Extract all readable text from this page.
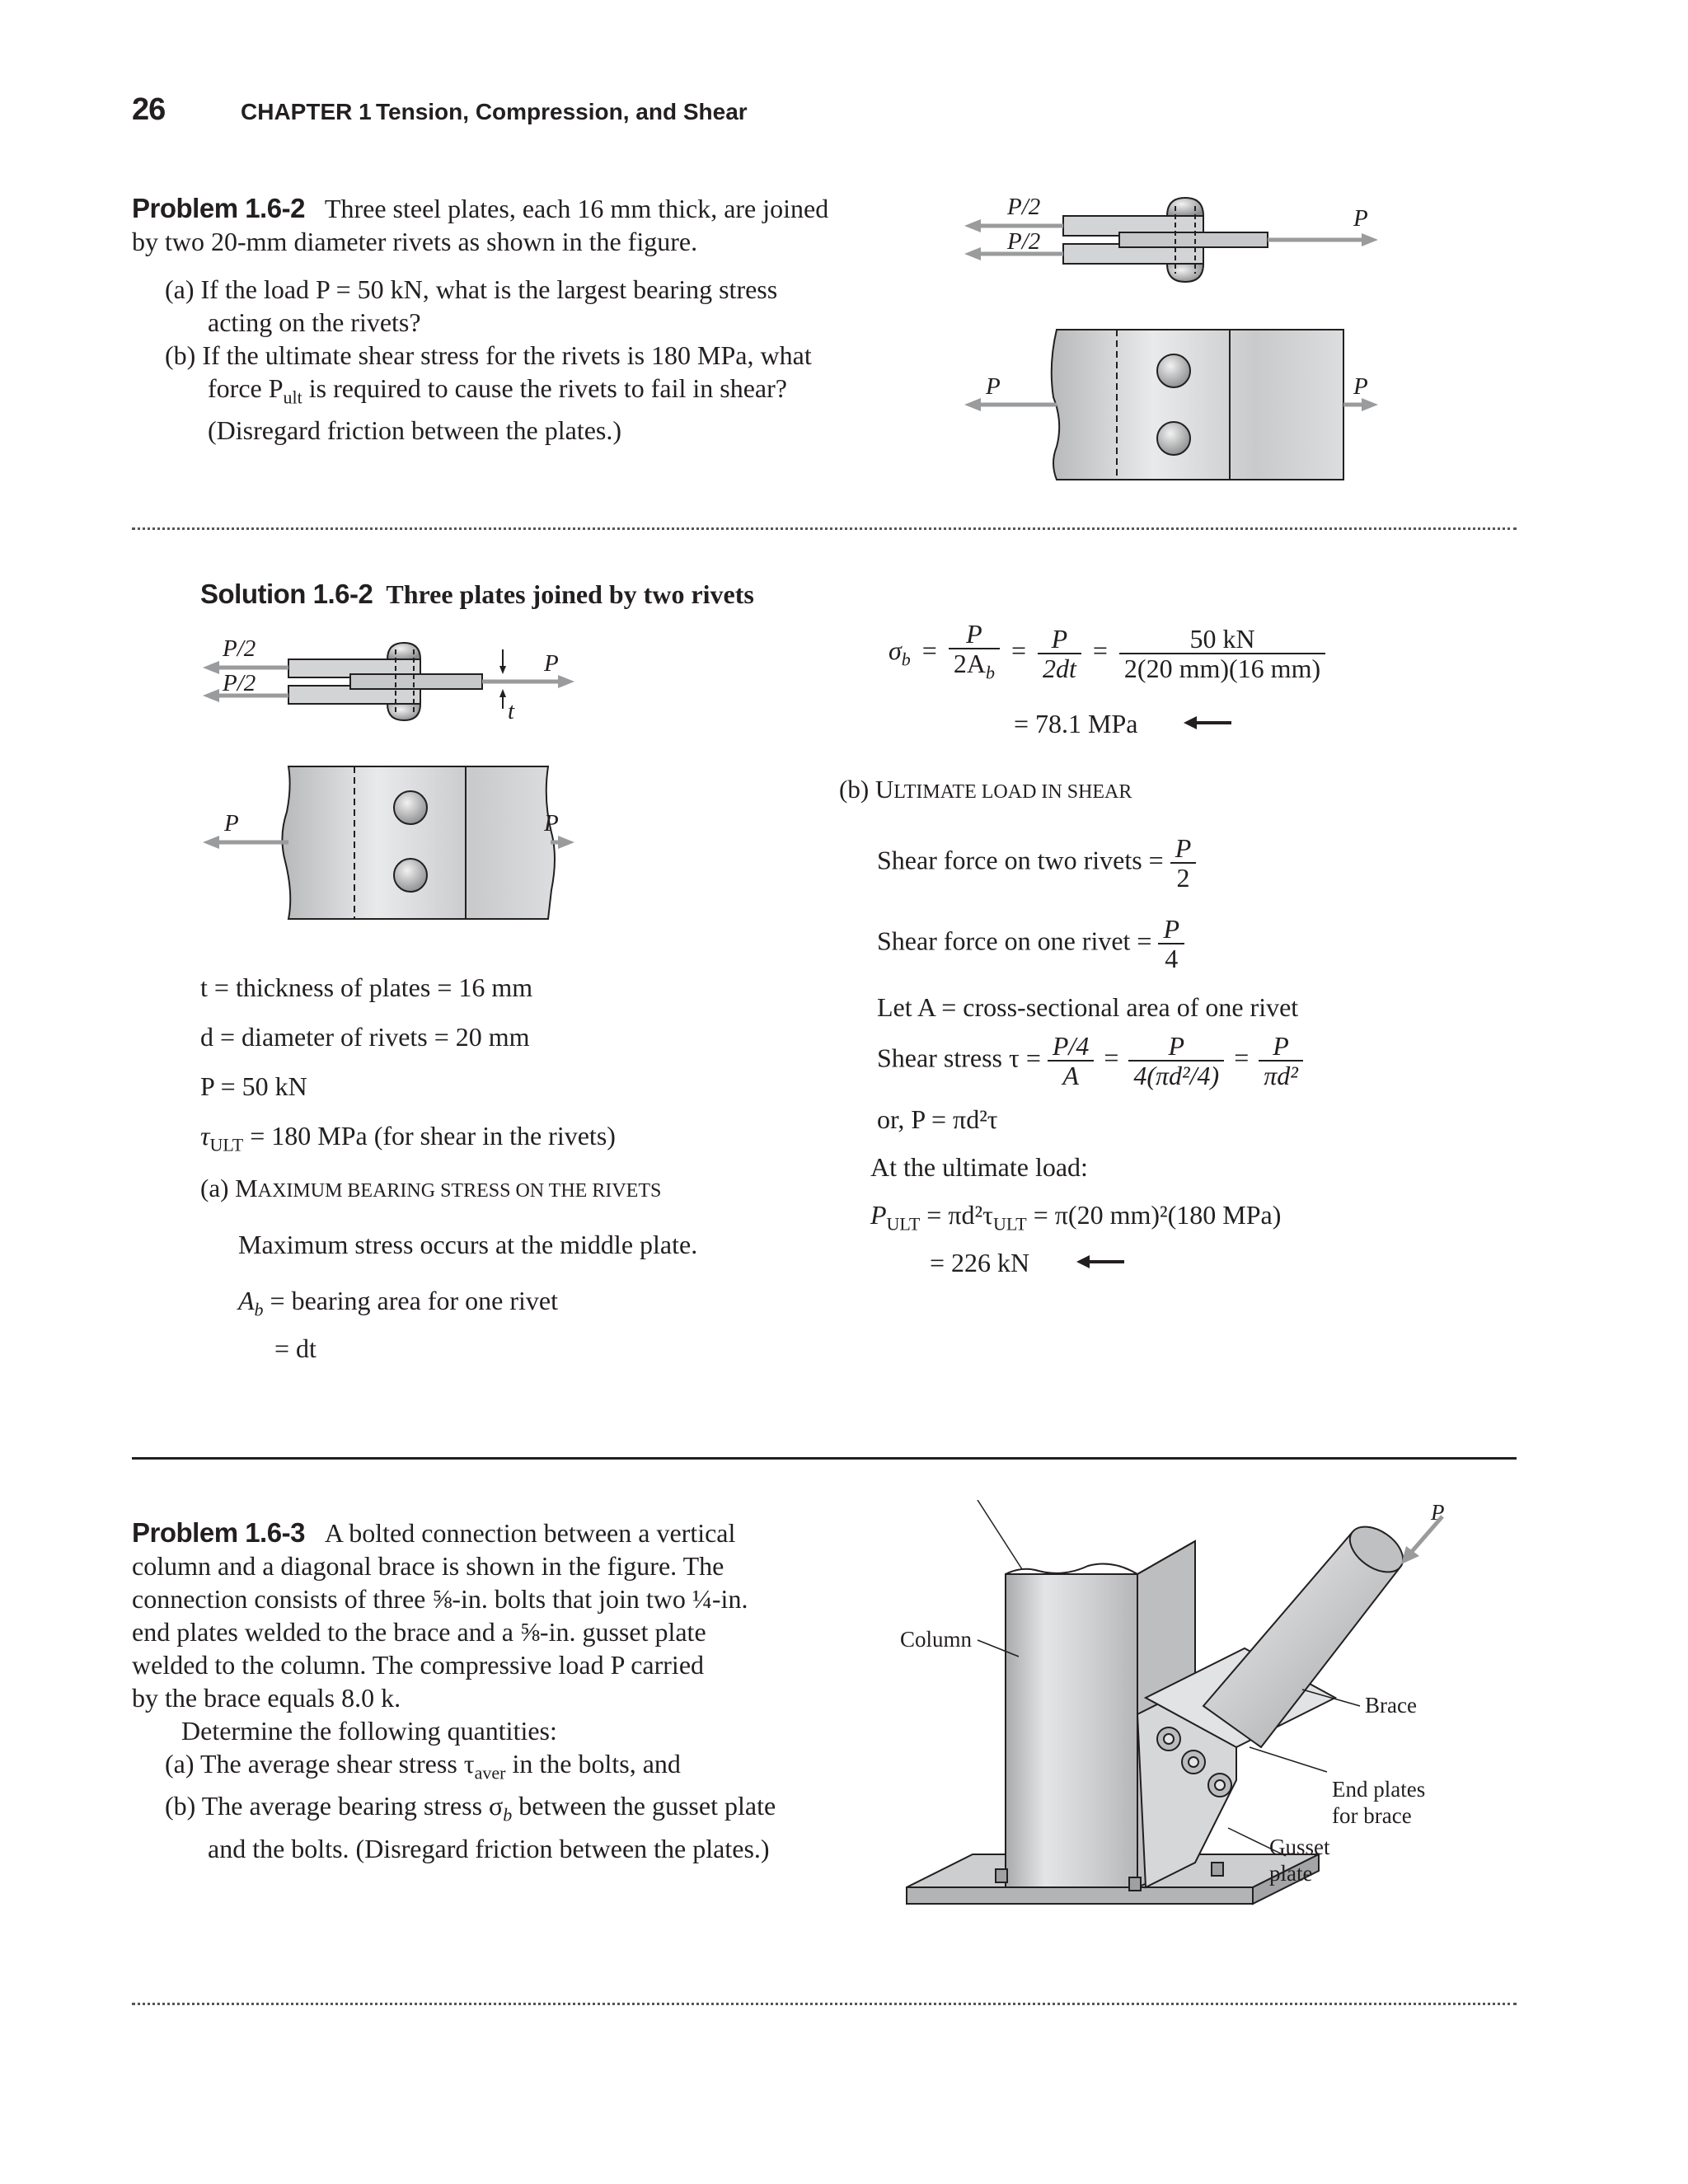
26	CHAPTER 1 Tension, Compression, and Shear
Problem 1.6-2 Three steel plates, each 16 mm thick, are joined
by two 20-mm diameter rivets as shown in the figure.
(a) If the load P = 50 kN, what is the largest bearing stress
acting on the rivets?
(b) If the ultimate shear stress for the rivets is 180 MPa, what
force $P_{ult}$ is required to cause the rivets to fail in shear?
(Disregard friction between the plates.)
P/2
P/2
P
P	P
Solution 1.6-2 Three plates joined by two rivets
P/2
P/2
P
t
P	P
t = thickness of plates = 16 mm
d = diameter of rivets = 20 mm
P = 50 kN
$\tau_{ULT} = 180$ MPa (for shear in the rivets)
(a) MAXIMUM BEARING STRESS ON THE RIVETS
Maximum stress occurs at the middle plate.
$A_b$ = bearing area for one rivet
= dt
$\sigma_b = \frac{P}{2A_b} = \frac{P}{2dt} = \frac{50 kN}{2(20 mm)(16 mm)}$
= 78.1 MPa
(b) ULTIMATE LOAD IN SHEAR
Shear force on two rivets = $\frac{P}{2}$
Shear force on one rivet = $\frac{P}{4}$
Let A = cross-sectional area of one rivet
Shear stress $\tau = \frac{P/4}{A} = \frac{P}{\text{4(πd²/4)}} = \frac{P}{\text{πd²}}$
or, P = πd²τ
At the ultimate load:
$P_{ULT} = \pi d^2\tau_{ULT} = \pi(20$ mm)²(180 MPa)
= 226 kN
Problem 1.6-3 A bolted connection between a vertical
column and a diagonal brace is shown in the figure. The
connection consists of three ⅝-in. bolts that join two ¼-in.
end plates welded to the brace and a ⅝-in. gusset plate
welded to the column. The compressive load P carried
by the brace equals 8.0 k.
Determine the following quantities:
(a) The average shear stress $\tau_{aver}$ in the bolts, and
(b) The average bearing stress $\sigma_b$ between the gusset plate
and the bolts. (Disregard friction between the plates.)
P
Column
Brace
End plates
for brace
Gusset
plate
